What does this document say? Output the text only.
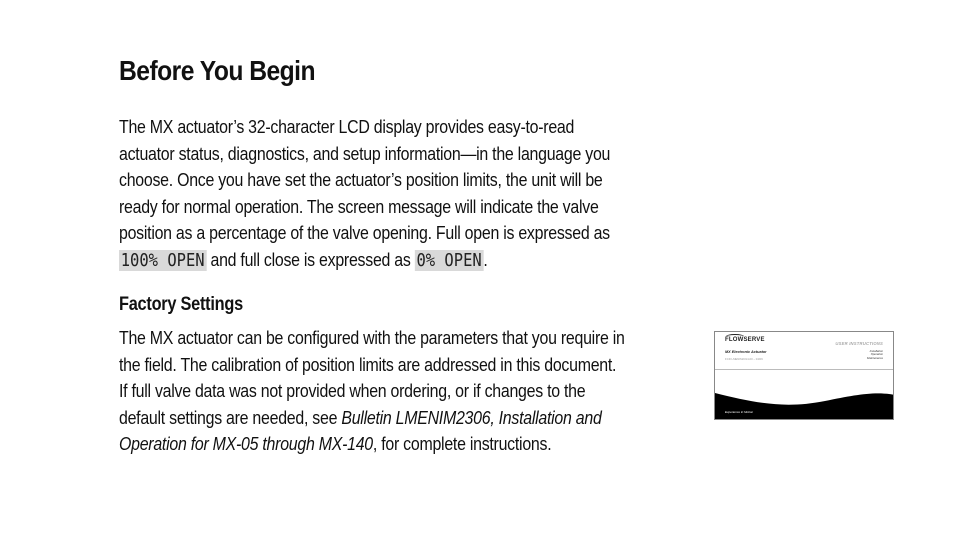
Before You Begin

The MX actuator’s 32-character LCD display provides easy-to-read
actuator status, diagnostics, and setup information—in the language you
choose. Once you have set the actuator’s position limits, the unit will be
ready for normal operation. The screen message will indicate the valve
position as a percentage of the valve opening. Full open is expressed as
100% OPEN and full close is expressed as 0% OPEN.

Factory Settings

The MX actuator can be configured with the parameters that you require in
the field. The calibration of position limits are addressed in this document.
If full valve data was not provided when ordering, or if changes to the
default settings are needed, see Bulletin LMENIM2306, Installation and
Operation for MX-05 through MX-140, for complete instructions.

FLOWSERVE
USER INSTRUCTIONS
MX Electronic Actuator
FCD LMENIM2314-00 – 04/06
Installation
Operation
Maintenance
Experience In Motion
